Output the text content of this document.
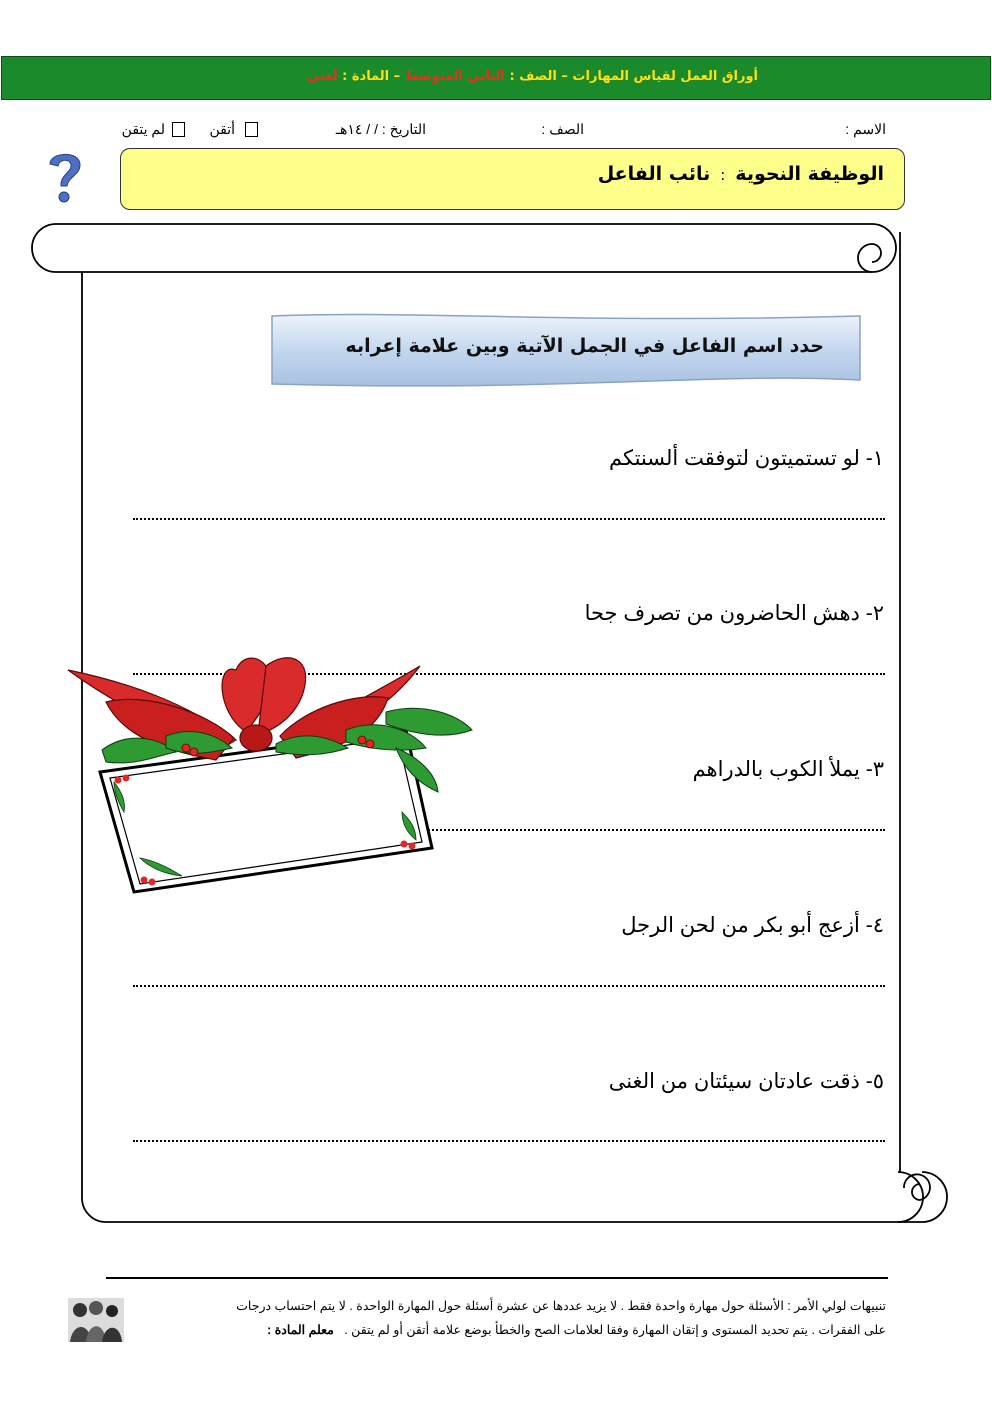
أوراق العمل لقياس المهارات – الصف : الثاني المتوسط – المادة : لغتي
الاسم :
الصف :
التاريخ : / / ١٤هـ
أتقن
لم يتقن
الوظيفة النحوية:نائب الفاعل
حدد اسم الفاعل في الجمل الآتية وبين علامة إعرابه
١- لو تستميتون لتوفقت ألسنتكم
٢- دهش الحاضرون من تصرف جحا
٣- يملأ الكوب بالدراهم
٤- أزعج أبو بكر من لحن الرجل
٥- ذقت عادتان سيئتان من الغنى
تنبيهات لولي الأمر : الأسئلة حول مهارة واحدة فقط . لا يزيد عددها عن عشرة أسئلة حول المهارة الواحدة . لا يتم احتساب درجات
على الفقرات . يتم تحديد المستوى و إتقان المهارة وفقا لعلامات الصح والخطأ بوضع علامة أتقن أو لم يتقن .   معلم المادة :
